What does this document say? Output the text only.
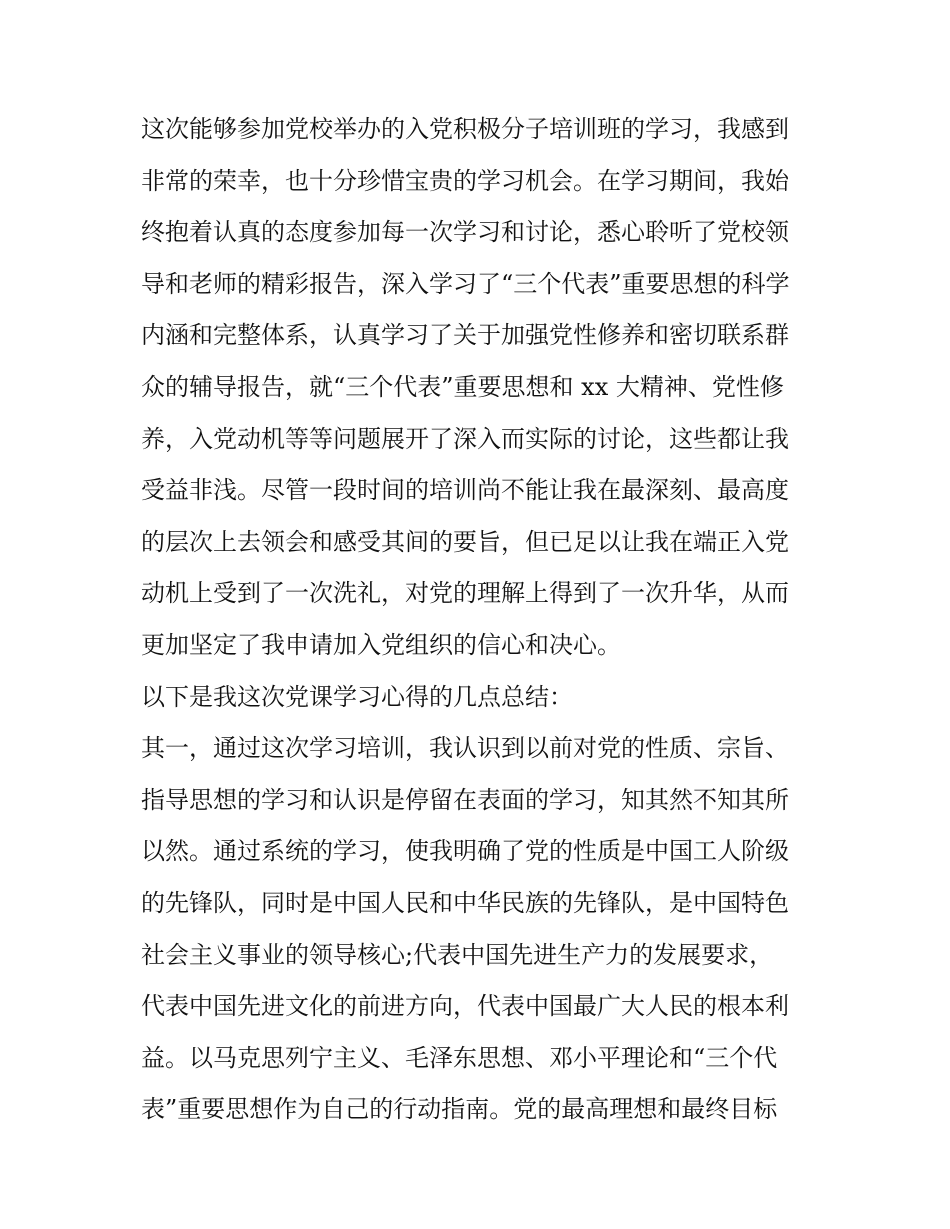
这次能够参加党校举办的入党积极分子培训班的学习，我感到
非常的荣幸，也十分珍惜宝贵的学习机会。在学习期间，我始
终抱着认真的态度参加每一次学习和讨论，悉心聆听了党校领
导和老师的精彩报告，深入学习了“三个代表”重要思想的科学
内涵和完整体系，认真学习了关于加强党性修养和密切联系群
众的辅导报告，就“三个代表”重要思想和 xx 大精神、党性修
养，入党动机等等问题展开了深入而实际的讨论，这些都让我
受益非浅。尽管一段时间的培训尚不能让我在最深刻、最高度
的层次上去领会和感受其间的要旨，但已足以让我在端正入党
动机上受到了一次洗礼，对党的理解上得到了一次升华，从而
更加坚定了我申请加入党组织的信心和决心。
以下是我这次党课学习心得的几点总结：
其一，通过这次学习培训，我认识到以前对党的性质、宗旨、
指导思想的学习和认识是停留在表面的学习，知其然不知其所
以然。通过系统的学习，使我明确了党的性质是中国工人阶级
的先锋队，同时是中国人民和中华民族的先锋队，是中国特色
社会主义事业的领导核心;代表中国先进生产力的发展要求，
代表中国先进文化的前进方向，代表中国最广大人民的根本利
益。以马克思列宁主义、毛泽东思想、邓小平理论和“三个代
表”重要思想作为自己的行动指南。党的最高理想和最终目标
